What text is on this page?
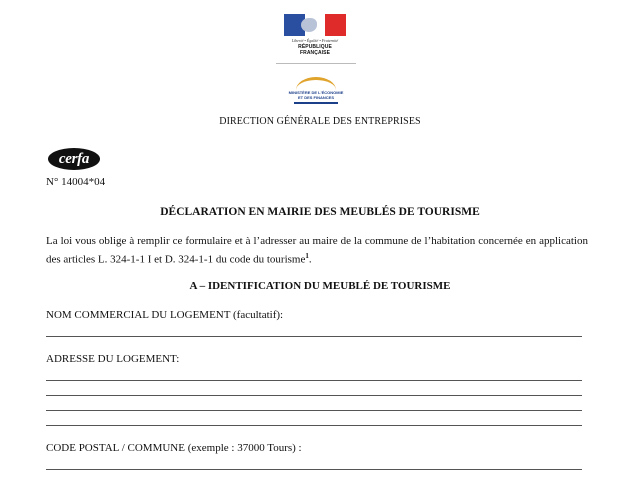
Liberté • Égalité • Fraternité
RÉPUBLIQUE FRANÇAISE
MINISTÈRE DE L'ÉCONOMIE
ET DES FINANCES
DIRECTION GÉNÉRALE DES ENTREPRISES
cerfa
N° 14004*04
DÉCLARATION EN MAIRIE DES MEUBLÉS DE TOURISME
La loi vous oblige à remplir ce formulaire et à l’adresser au maire de la commune de l’habitation concernée en application des articles L. 324-1-1 I et D. 324-1-1 du code du tourisme$^1$.
A – IDENTIFICATION DU MEUBLÉ DE TOURISME
NOM COMMERCIAL DU LOGEMENT (facultatif):
ADRESSE DU LOGEMENT:
CODE POSTAL / COMMUNE (exemple : 37000 Tours) :
